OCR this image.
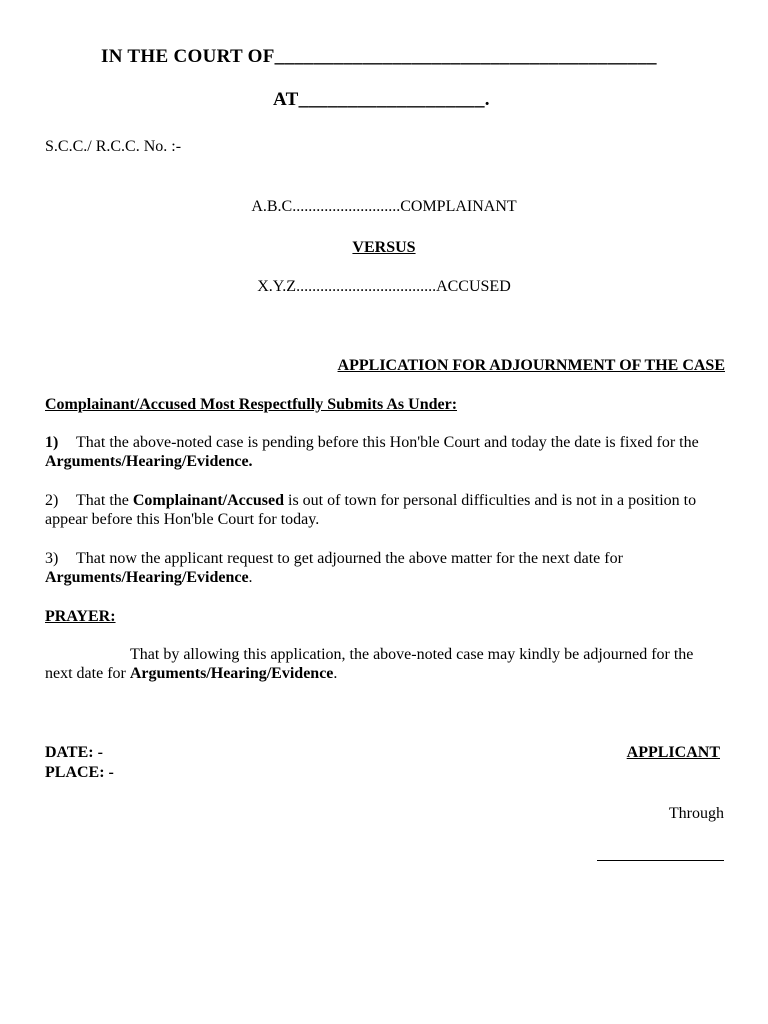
IN THE COURT OF_______________________________________
AT___________________.
S.C.C./ R.C.C. No. :-
A.B.C...........................COMPLAINANT
VERSUS
X.Y.Z...................................ACCUSED
APPLICATION FOR ADJOURNMENT OF THE CASE
Complainant/Accused Most Respectfully Submits As Under:
1) That the above-noted case is pending before this Hon'ble Court and today the date is fixed for the Arguments/Hearing/Evidence.
2) That the Complainant/Accused is out of town for personal difficulties and is not in a position to appear before this Hon'ble Court for today.
3) That now the applicant request to get adjourned the above matter for the next date for Arguments/Hearing/Evidence.
PRAYER:
That by allowing this application, the above-noted case may kindly be adjourned for the next date for Arguments/Hearing/Evidence.
DATE: -
PLACE: -
APPLICANT
Through
